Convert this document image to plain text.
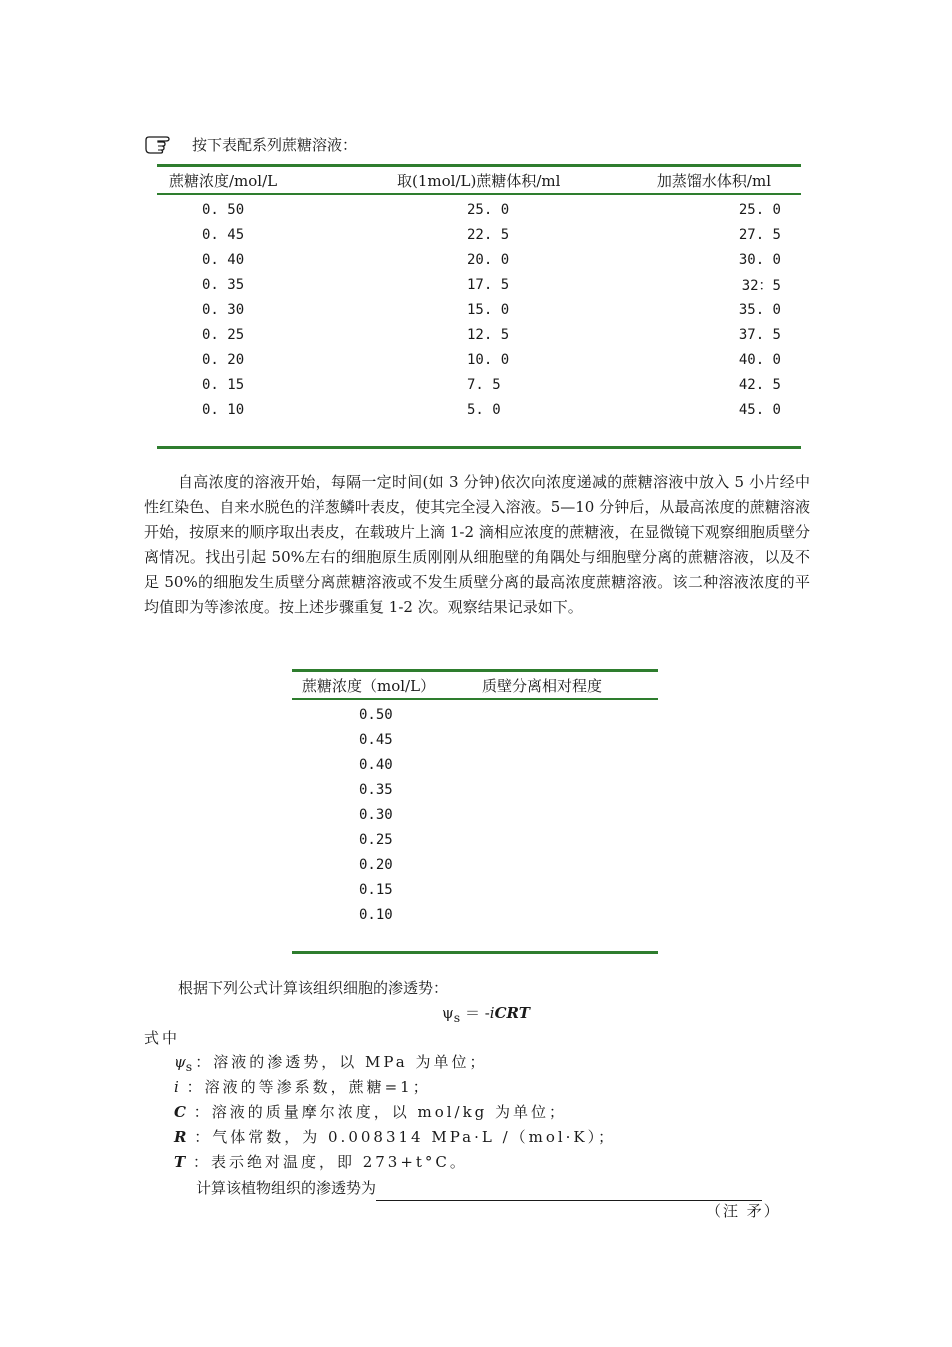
按下表配系列蔗糖溶液：
蔗糖浓度/mol/L	取(1mol/L)蔗糖体积/ml	加蒸馏水体积/ml
0. 50	25. 0	25. 0
0. 45	22. 5	27. 5
0. 40	20. 0	30. 0
0. 35	17. 5	32：5
0. 30	15. 0	35. 0
0. 25	12. 5	37. 5
0. 20	10. 0	40. 0
0. 15	7. 5	42. 5
0. 10	5. 0	45. 0

自高浓度的溶液开始，每隔一定时间(如 3 分钟)依次向浓度递减的蔗糖溶液中放入 5 小片经中性红染色、自来水脱色的洋葱鳞叶表皮，使其完全浸入溶液。5—10 分钟后，从最高浓度的蔗糖溶液开始，按原来的顺序取出表皮，在载玻片上滴 1-2 滴相应浓度的蔗糖液，在显微镜下观察细胞质壁分离情况。找出引起 50%左右的细胞原生质刚刚从细胞壁的角隅处与细胞壁分离的蔗糖溶液，以及不足 50%的细胞发生质壁分离蔗糖溶液或不发生质壁分离的最高浓度蔗糖溶液。该二种溶液浓度的平均值即为等渗浓度。按上述步骤重复 1-2 次。观察结果记录如下。

蔗糖浓度（mol/L）	质壁分离相对程度
0.50
0.45
0.40
0.35
0.30
0.25
0.20
0.15
0.10
根据下列公式计算该组织细胞的渗透势：
$\psi_s$ ＝ -iCRT
式中
$\psi_s$：溶液的渗透势，以 MPa 为单位；
i ：溶液的等渗系数，蔗糖=1；
C ：溶液的质量摩尔浓度，以 mol/kg 为单位；
R ：气体常数，为 0.008314 MPa·L /（mol·K）；
T ：表示绝对温度，即 273+t°C。
计算该植物组织的渗透势为
（汪 矛）
